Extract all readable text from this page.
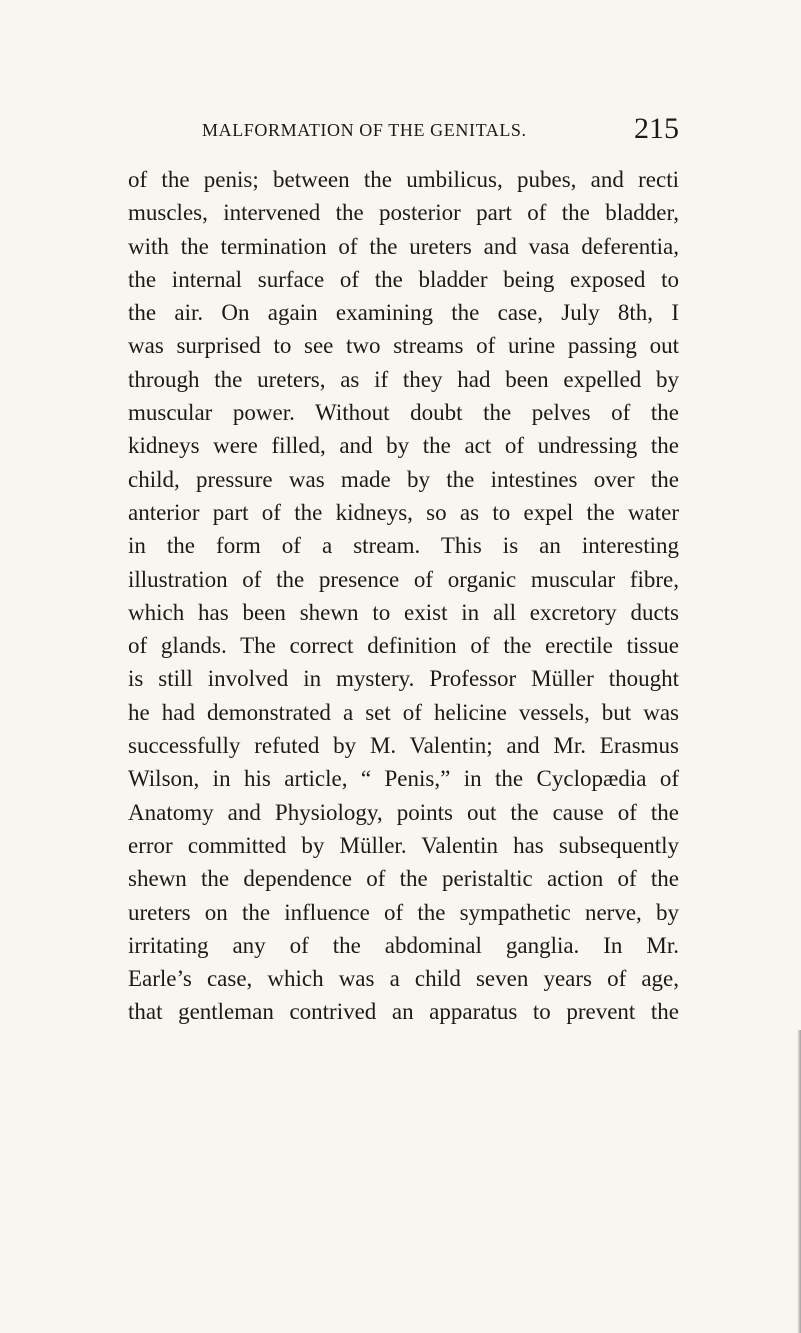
MALFORMATION OF THE GENITALS.	215
of the penis; between the umbilicus, pubes, and recti
muscles, intervened the posterior part of the bladder,
with the termination of the ureters and vasa deferentia,
the internal surface of the bladder being exposed to
the air. On again examining the case, July 8th, I
was surprised to see two streams of urine passing out
through the ureters, as if they had been expelled by
muscular power. Without doubt the pelves of the
kidneys were filled, and by the act of undressing the
child, pressure was made by the intestines over the
anterior part of the kidneys, so as to expel the water
in the form of a stream. This is an interesting
illustration of the presence of organic muscular fibre,
which has been shewn to exist in all excretory ducts
of glands. The correct definition of the erectile tissue
is still involved in mystery. Professor Müller thought
he had demonstrated a set of helicine vessels, but was
successfully refuted by M. Valentin; and Mr. Erasmus
Wilson, in his article, “ Penis,” in the Cyclopædia of
Anatomy and Physiology, points out the cause of the
error committed by Müller. Valentin has subsequently
shewn the dependence of the peristaltic action of the
ureters on the influence of the sympathetic nerve, by
irritating any of the abdominal ganglia. In Mr.
Earle’s case, which was a child seven years of age,
that gentleman contrived an apparatus to prevent the
